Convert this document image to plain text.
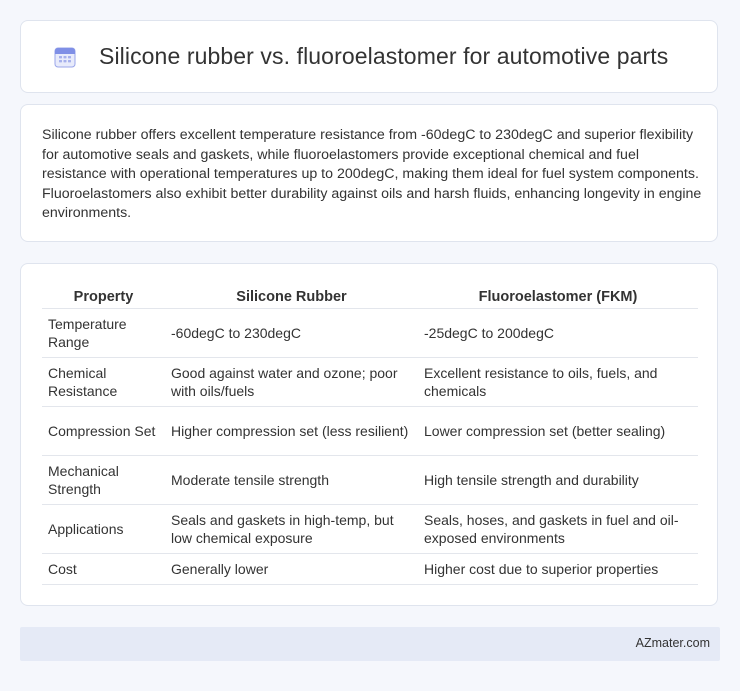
Silicone rubber vs. fluoroelastomer for automotive parts

Silicone rubber offers excellent temperature resistance from -60degC to 230degC and superior flexibility for automotive seals and gaskets, while fluoroelastomers provide exceptional chemical and fuel resistance with operational temperatures up to 200degC, making them ideal for fuel system components. Fluoroelastomers also exhibit better durability against oils and harsh fluids, enhancing longevity in engine environments.

Property	Silicone Rubber	Fluoroelastomer (FKM)
Temperature Range	-60degC to 230degC	-25degC to 200degC
Chemical Resistance	Good against water and ozone; poor with oils/fuels	Excellent resistance to oils, fuels, and chemicals
Compression Set	Higher compression set (less resilient)	Lower compression set (better sealing)
Mechanical Strength	Moderate tensile strength	High tensile strength and durability
Applications	Seals and gaskets in high-temp, but low chemical exposure	Seals, hoses, and gaskets in fuel and oil-exposed environments
Cost	Generally lower	Higher cost due to superior properties
AZmater.com
